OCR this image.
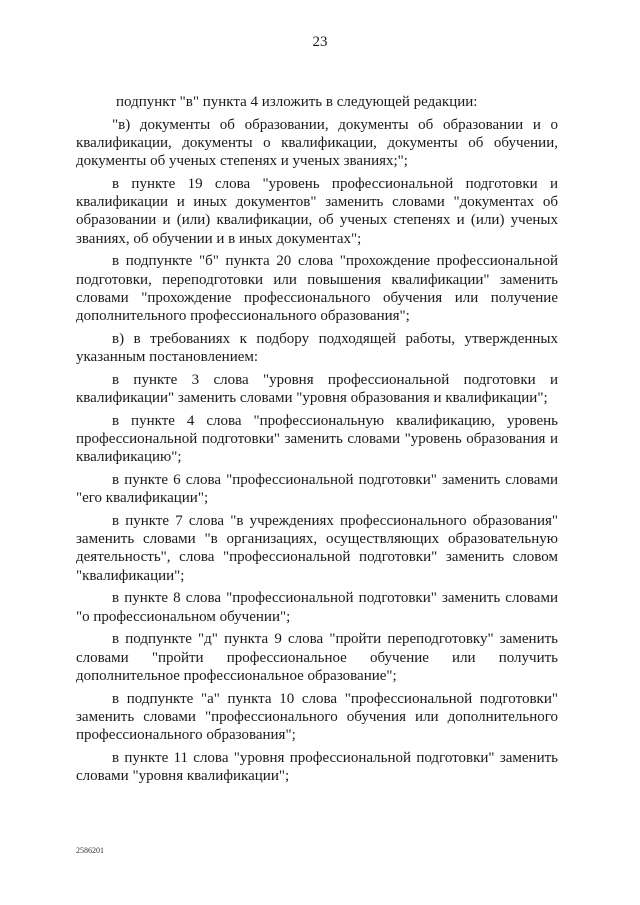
23

подпункт "в" пункта 4 изложить в следующей редакции:

"в) документы об образовании, документы об образовании и о квалификации, документы о квалификации, документы об обучении, документы об ученых степенях и ученых званиях;";

в пункте 19 слова "уровень профессиональной подготовки и квалификации и иных документов" заменить словами "документах об образовании и (или) квалификации, об ученых степенях и (или) ученых званиях, об обучении и в иных документах";

в подпункте "б" пункта 20 слова "прохождение профессиональной подготовки, переподготовки или повышения квалификации" заменить словами "прохождение профессионального обучения или получение дополнительного профессионального образования";

в) в требованиях к подбору подходящей работы, утвержденных указанным постановлением:

в пункте 3 слова "уровня профессиональной подготовки и квалификации" заменить словами "уровня образования и квалификации";

в пункте 4 слова "профессиональную квалификацию, уровень профессиональной подготовки" заменить словами "уровень образования и квалификацию";

в пункте 6 слова "профессиональной подготовки" заменить словами "его квалификации";

в пункте 7 слова "в учреждениях профессионального образования" заменить словами "в организациях, осуществляющих образовательную деятельность", слова "профессиональной подготовки" заменить словом "квалификации";

в пункте 8 слова "профессиональной подготовки" заменить словами "о профессиональном обучении";

в подпункте "д" пункта 9 слова "пройти переподготовку" заменить словами "пройти профессиональное обучение или получить дополнительное профессиональное образование";

в подпункте "а" пункта 10 слова "профессиональной подготовки" заменить словами "профессионального обучения или дополнительного профессионального образования";

в пункте 11 слова "уровня профессиональной подготовки" заменить словами "уровня квалификации";

2586201
